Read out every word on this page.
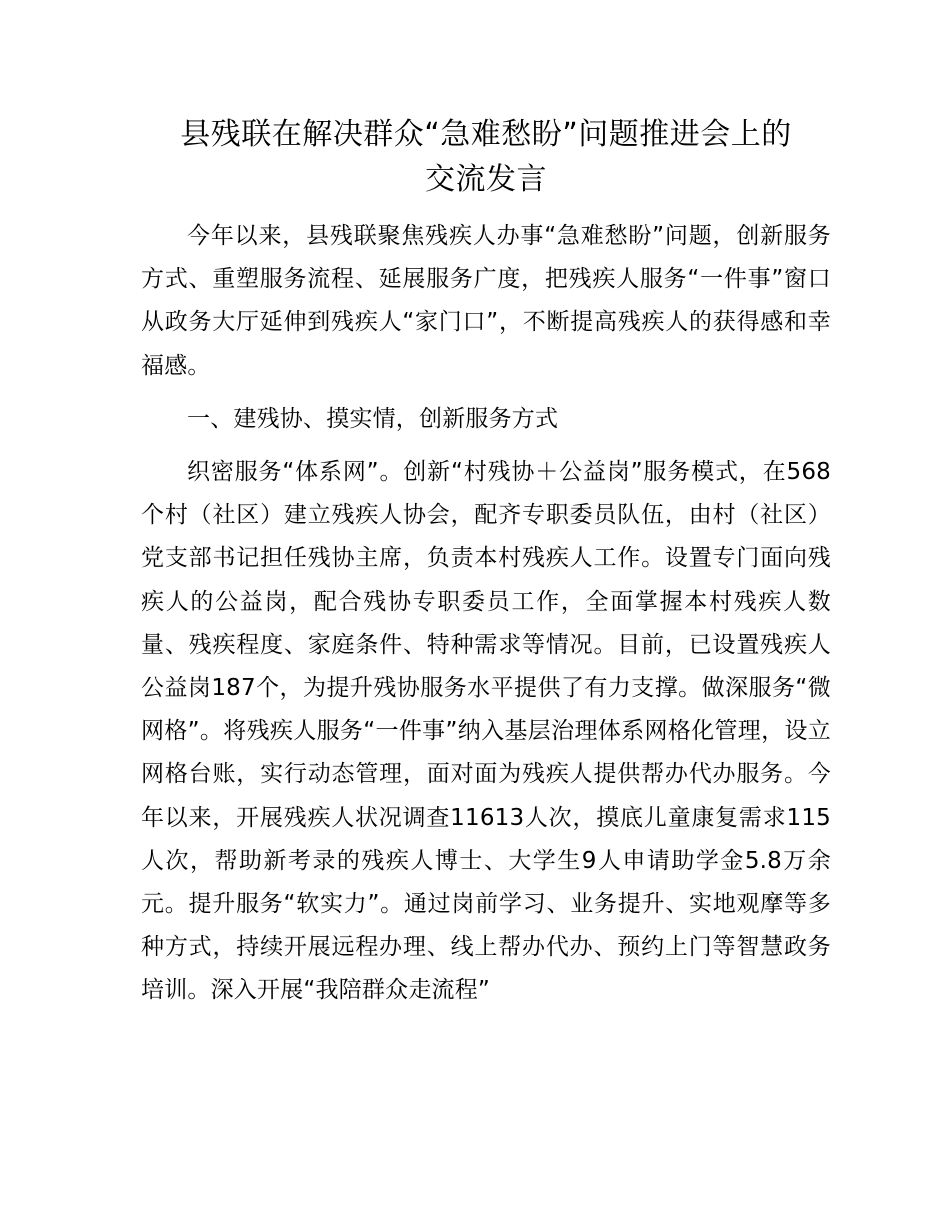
县残联在解决群众“急难愁盼”问题推进会上的
交流发言

今年以来，县残联聚焦残疾人办事“急难愁盼”问题，创新服务方式、重塑服务流程、延展服务广度，把残疾人服务“一件事”窗口从政务大厅延伸到残疾人“家门口”，不断提高残疾人的获得感和幸福感。

一、建残协、摸实情，创新服务方式

织密服务“体系网”。创新“村残协＋公益岗”服务模式，在568个村（社区）建立残疾人协会，配齐专职委员队伍，由村（社区）党支部书记担任残协主席，负责本村残疾人工作。设置专门面向残疾人的公益岗，配合残协专职委员工作，全面掌握本村残疾人数量、残疾程度、家庭条件、特种需求等情况。目前，已设置残疾人公益岗187个，为提升残协服务水平提供了有力支撑。做深服务“微网格”。将残疾人服务“一件事”纳入基层治理体系网格化管理，设立网格台账，实行动态管理，面对面为残疾人提供帮办代办服务。今年以来，开展残疾人状况调查11613人次，摸底儿童康复需求115人次，帮助新考录的残疾人博士、大学生9人申请助学金5.8万余元。提升服务“软实力”。通过岗前学习、业务提升、实地观摩等多种方式，持续开展远程办理、线上帮办代办、预约上门等智慧政务培训。深入开展“我陪群众走流程”
